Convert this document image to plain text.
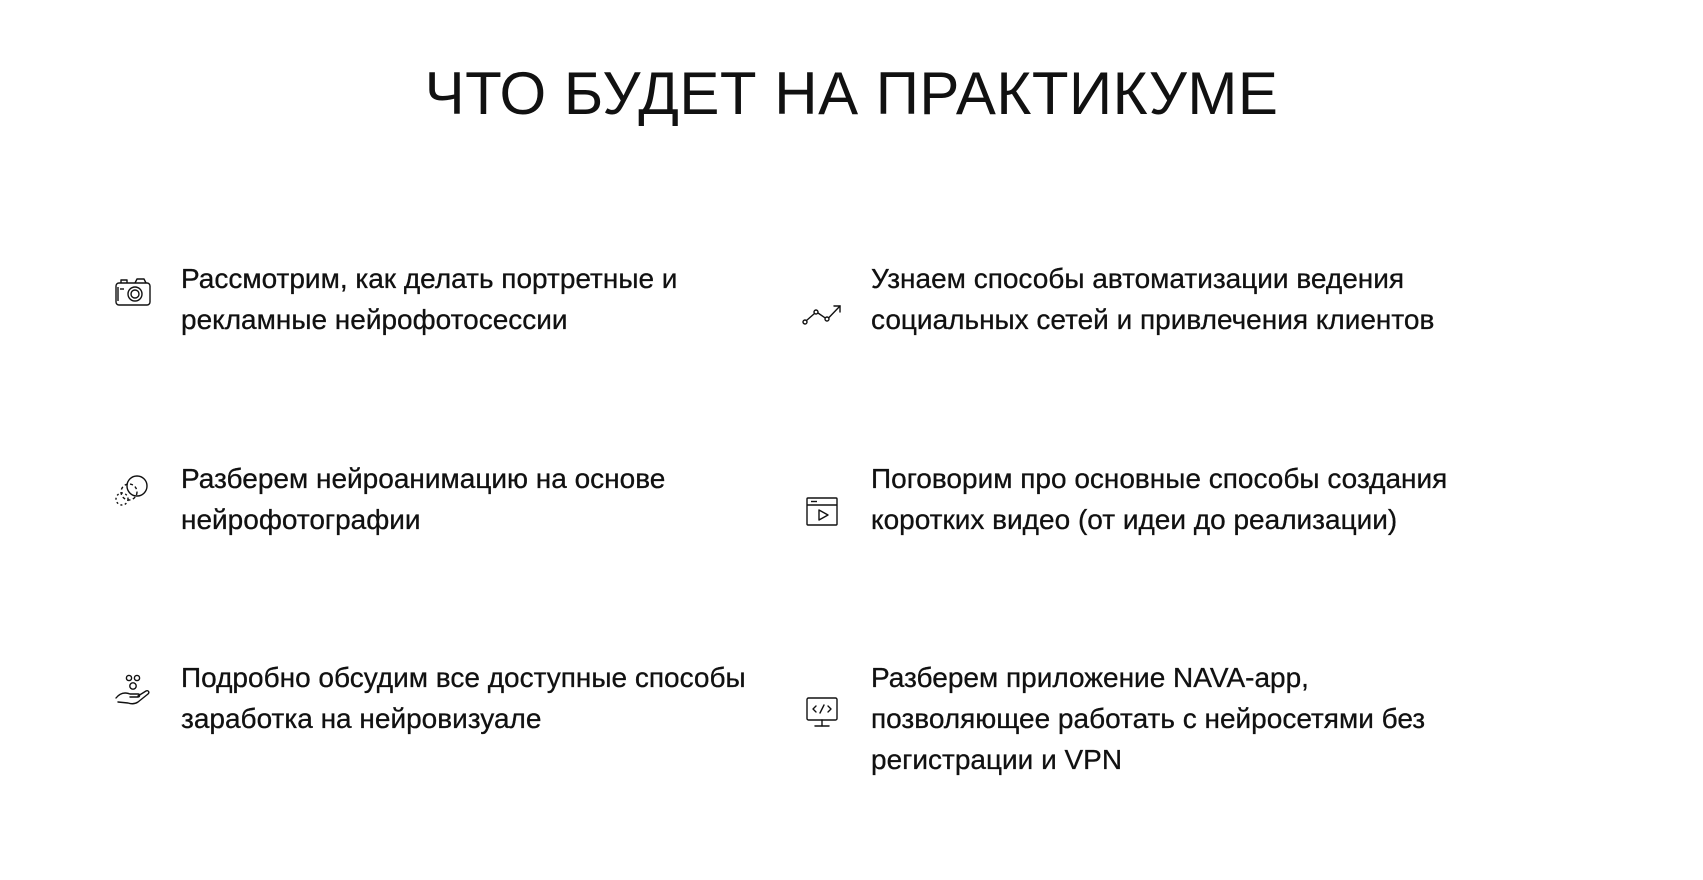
ЧТО БУДЕТ НА ПРАКТИКУМЕ
Рассмотрим, как делать портретные и рекламные нейрофотосессии
Узнаем способы автоматизации ведения социальных сетей и привлечения клиентов
Разберем нейроанимацию на основе нейрофотографии
Поговорим про основные способы создания коротких видео (от идеи до реализации)
Подробно обсудим все доступные способы заработка на нейровизуале
Разберем приложение NAVA-app, позволяющее работать с нейросетями без регистрации и VPN
